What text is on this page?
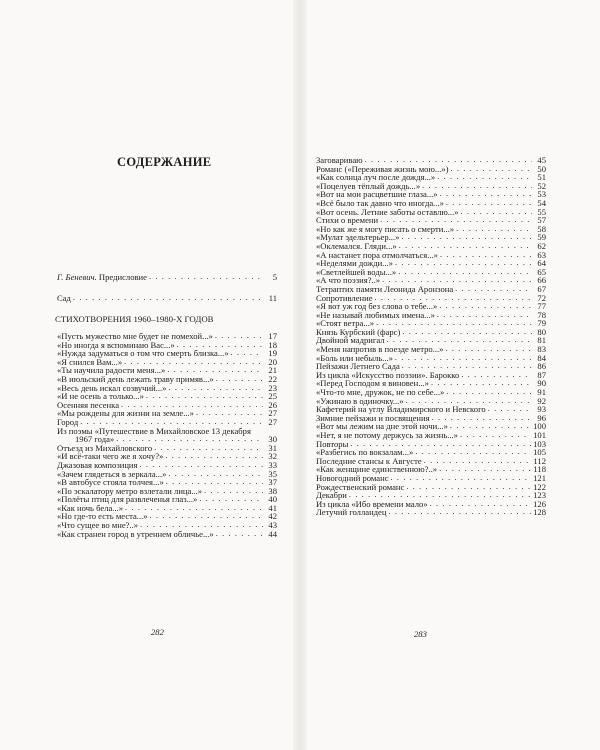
СОДЕРЖАНИЕ
Г. Беневич. Предисловие . . .	5
Сад . . .	11
СТИХОТВОРЕНИЯ 1960–1980-Х ГОДОВ
«Пусть мужество мне будет не помехой...» . . .	17
«Но иногда я вспоминаю Вас...» . . .	18
«Нужда задуматься о том что смерть близка...» . . .	19
«Я снился Вам...» . . .	20
«Ты научила радости меня...» . . .	21
«В июльский день лежать траву примяв...» . . .	22
«Весь день искал созвучий...» . . .	23
«И не осень а только...» . . .	25
Осенняя песенка . . .	26
«Мы рождены для жизни на земле...» . . .	27
Город . . .	27
Из поэмы «Путешествие в Михайловское 13 декабря
1967 года» . . .	30
Отъезд из Михайловского . . .	31
«И всё-таки чего же я хочу?» . . .	32
Джазовая композиция . . .	33
«Зачем глядеться в зеркала...» . . .	35
«В автобусе стояла толчея...» . . .	37
«По эскалатору метро взлетали лица...» . . .	38
«Полёты птиц для развлеченья глаз...» . . .	40
«Как ночь бела...» . . .	41
«Но где-то есть места...» . . .	42
«Что сущее во мне?..» . . .	43
«Как странен город в утреннем обличье...» . . .	44
282
Заговариваю . . .	45
Романс («Переживая жизнь мою...») . . .	50
«Как солнца луч после дождя...» . . .	51
«Поцелуев тёплый дождь...» . . .	52
«Вот на мои расцветшие глаза...» . . .	53
«Всё было так давно что иногда...» . . .	54
«Вот осень. Летние заботы оставлю...» . . .	55
Стихи о времени . . .	57
«Но как же я могу писать о смерти...» . . .	58
«Мулат эдельтерьер...» . . .	59
«Оклемался. Гляди...» . . .	62
«А настанет пора отмолчаться...» . . .	63
«Неделями дожди...» . . .	64
«Светлейшей воды...» . . .	65
«А что поэзия?..» . . .	66
Тетраптих памяти Леонида Аронзона . . .	67
Сопротивление . . .	72
«Я вот уж год без слова о тебе...» . . .	77
«Не называй любимых имена...» . . .	78
«Стоят ветра...» . . .	79
Князь Курбский (фарс) . . .	80
Двойной мадригал . . .	81
«Меня напротив в поезде метро...» . . .	83
«Боль или небыль...» . . .	84
Пейзажи Летнего Сада . . .	86
Из цикла «Искусство поэзии». Барокко . . .	87
«Перед Господом я виновен...» . . .	90
«Что-то мне, дружок, не по себе...» . . .	91
«Ужинаю в одиночку...» . . .	92
Кафетерий на углу Владимирского и Невского . . .	93
Зимние пейзажи и посвящения . . .	96
«Вот мы лежим на дне этой ночи...» . . .	100
«Нет, я не потому держусь за жизнь...» . . .	101
Повторы . . .	103
«Разбегись по вокзалам...» . . .	105
Последние стансы к Августе . . .	112
«Как женщине единственною?..» . . .	118
Новогодний романс . . .	121
Рождественский романс . . .	122
Декабри . . .	123
Из цикла «Ибо времени мало» . . .	126
Летучий голландец . . .	128
283
